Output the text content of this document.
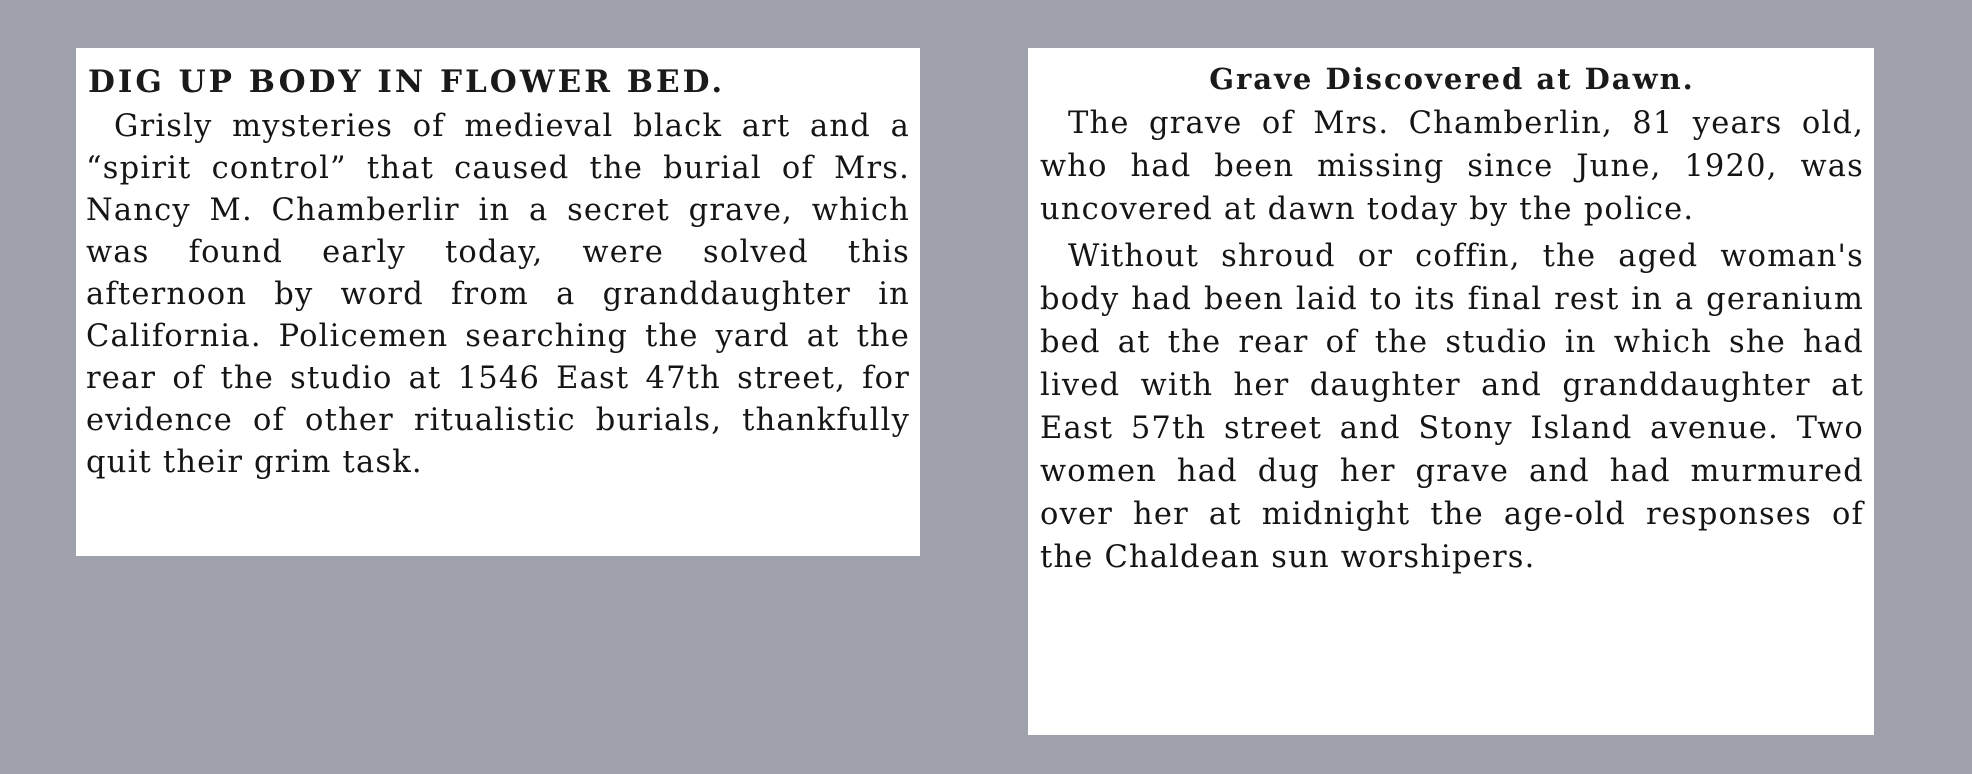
DIG UP BODY IN FLOWER BED.

Grisly mysteries of medieval black art and a “spirit control” that caused the burial of Mrs. Nancy M. Chamberlir in a secret grave, which was found early today, were solved this afternoon by word from a granddaughter in California. Policemen searching the yard at the rear of the studio at 1546 East 47th street, for evidence of other ritualistic burials, thankfully quit their grim task.

Grave Discovered at Dawn.

The grave of Mrs. Chamberlin, 81 years old, who had been missing since June, 1920, was uncovered at dawn today by the police.

Without shroud or coffin, the aged woman's body had been laid to its final rest in a geranium bed at the rear of the studio in which she had lived with her daughter and granddaughter at East 57th street and Stony Island avenue. Two women had dug her grave and had murmured over her at midnight the age-old responses of the Chaldean sun worshipers.
